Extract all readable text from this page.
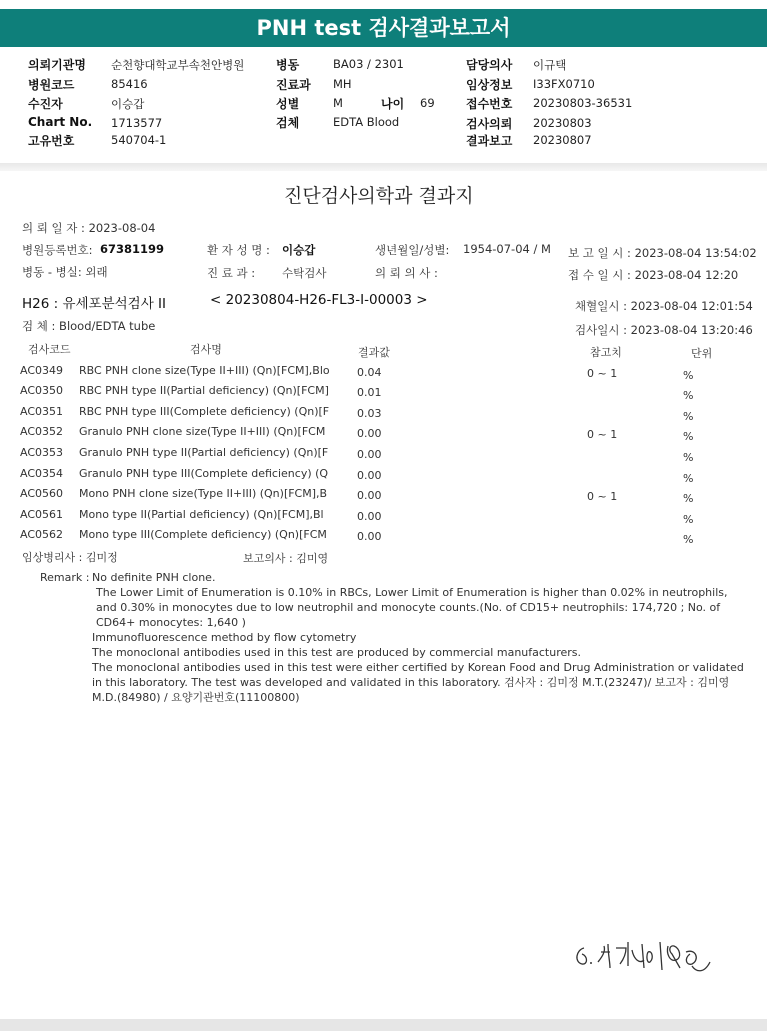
PNH test 검사결과보고서
의뢰기관명 순천향대학교부속천안병원
병원코드	85416
수진자	이승갑
Chart No. 1713577
고유번호	540704-1
병동	BA03 / 2301
진료과 MH
성별	M	나이 69
검체	EDTA Blood
담당의사 이규택
임상정보 I33FX0710
접수번호 20230803-36531
검사의뢰 20230803
결과보고 20230807
진단검사의학과 결과지
의 뢰 일 자 : 2023-08-04
병원등록번호: 67381199	환 자 성 명 : 이승갑	생년월일/성별: 1954-07-04 / M 보 고 일 시 : 2023-08-04 13:54:02
병동 - 병실: 외래	진 료 과 : 수탁검사	의 뢰 의 사 :	접 수 일 시 : 2023-08-04 12:20
H26 : 유세포분석검사 II	< 20230804-H26-FL3-I-00003 >	채혈일시 : 2023-08-04 12:01:54
검 체 : Blood/EDTA tube	검사일시 : 2023-08-04 13:20:46
검사코드	검사명	결과값	참고치	단위
AC0349 RBC PNH clone size(Type II+III) (Qn)[FCM],Blo 0.04	0 ~ 1	%
AC0350 RBC PNH type II(Partial deficiency) (Qn)[FCM]	0.01	%
AC0351 RBC PNH type III(Complete deficiency) (Qn)[F	0.03	%
AC0352 Granulo PNH clone size(Type II+III) (Qn)[FCM	0.00	0 ~ 1	%
AC0353 Granulo PNH type II(Partial deficiency) (Qn)[F	0.00	%
AC0354 Granulo PNH type III(Complete deficiency) (Q	0.00	%
AC0560 Mono PNH clone size(Type II+III) (Qn)[FCM],B	0.00	0 ~ 1	%
AC0561 Mono type II(Partial deficiency) (Qn)[FCM],Bl	0.00	%
AC0562 Mono type III(Complete deficiency) (Qn)[FCM	0.00	%
임상병리사 : 김미정	보고의사 : 김미영
Remark : No definite PNH clone.
The Lower Limit of Enumeration is 0.10% in RBCs, Lower Limit of Enumeration is higher than 0.02% in neutrophils, and 0.30% in monocytes due to low neutrophil and monocyte counts.(No. of CD15+ neutrophils: 174,720 ; No. of CD64+ monocytes: 1,640 )
Immunofluorescence method by flow cytometry
The monoclonal antibodies used in this test are produced by commercial manufacturers.
The monoclonal antibodies used in this test were either certified by Korean Food and Drug Administration or validated in this laboratory. The test was developed and validated in this laboratory. 검사자 : 김미정 M.T.(23247)/ 보고자 : 김미영 M.D.(84980) / 요양기관번호(11100800)
